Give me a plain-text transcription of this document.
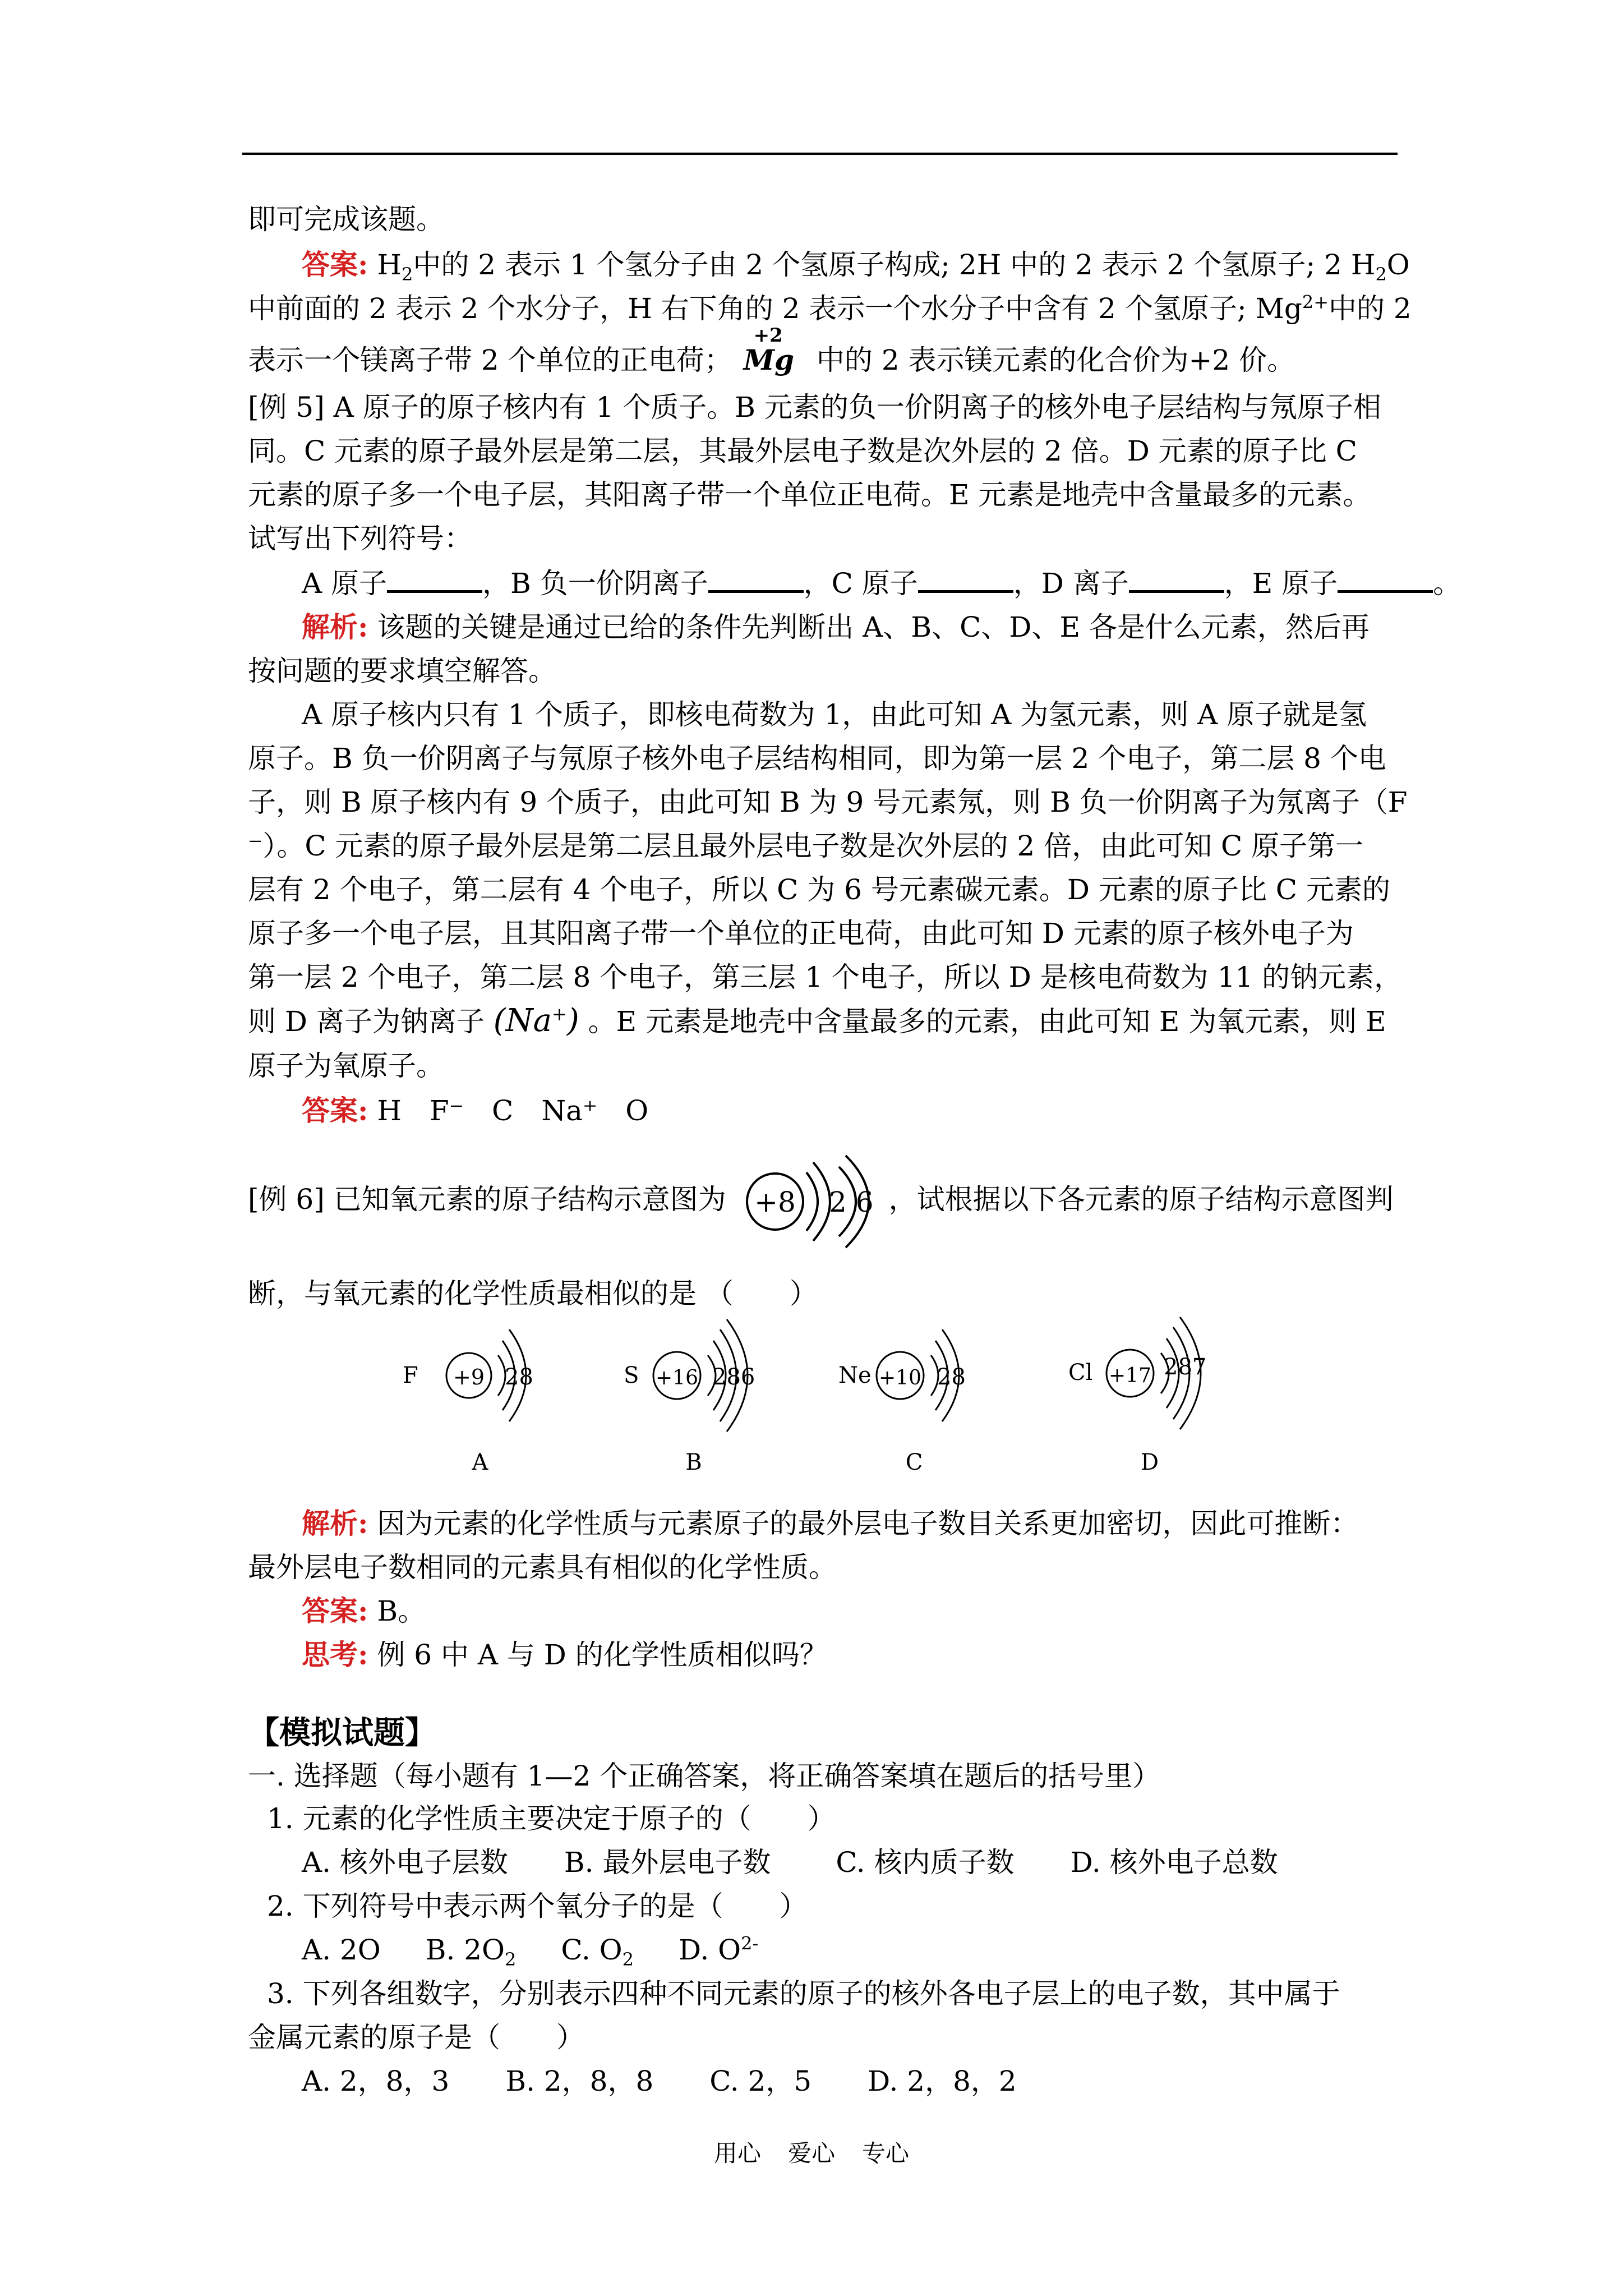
即可完成该题。
答案: $H_2$中的 2 表示 1 个氢分子由 2 个氢原子构成; 2H 中的 2 表示 2 个氢原子; 2 $H_2O$
中前面的 2 表示 2 个水分子，H 右下角的 2 表示一个水分子中含有 2 个氢原子; $Mg^{2+}$中的 2
表示一个镁离子带 2 个单位的正电荷；
+2
Mg 中的 2 表示镁元素的化合价为+2 价。
[例 5] A 原子的原子核内有 1 个质子。B 元素的负一价阴离子的核外电子层结构与氖原子相
同。C 元素的原子最外层是第二层，其最外层电子数是次外层的 2 倍。D 元素的原子比 C
元素的原子多一个电子层，其阳离子带一个单位正电荷。E 元素是地壳中含量最多的元素。
试写出下列符号：
A 原子	，B 负一价阴离子	，C 原子	，D 离子	，E 原子	。
解析: 该题的关键是通过已给的条件先判断出 A、B、C、D、E 各是什么元素，然后再
按问题的要求填空解答。
A 原子核内只有 1 个质子，即核电荷数为 1，由此可知 A 为氢元素，则 A 原子就是氢
原子。B 负一价阴离子与氖原子核外电子层结构相同，即为第一层 2 个电子，第二层 8 个电
子，则 B 原子核内有 9 个质子，由此可知 B 为 9 号元素氖，则 B 负一价阴离子为氖离子（F
⁻）。C 元素的原子最外层是第二层且最外层电子数是次外层的 2 倍，由此可知 C 原子第一
层有 2 个电子，第二层有 4 个电子，所以 C 为 6 号元素碳元素。D 元素的原子比 C 元素的
原子多一个电子层，且其阳离子带一个单位的正电荷，由此可知 D 元素的原子核外电子为
第一层 2 个电子，第二层 8 个电子，第三层 1 个电子，所以 D 是核电荷数为 11 的钠元素，
则 D 离子为钠离子 (Na+) 。E 元素是地壳中含量最多的元素，由此可知 E 为氧元素，则 E
原子为氧原子。
答案: H　F⁻　C　Na⁺　O
[例 6] 已知氧元素的原子结构示意图为	，试根据以下各元素的原子结构示意图判
+8 2 6
断，与氧元素的化学性质最相似的是 （　　）
F +9 28
A
S +16 286
B
Ne +10 28
C
Cl +17 287
D
解析: 因为元素的化学性质与元素原子的最外层电子数目关系更加密切，因此可推断：
最外层电子数相同的元素具有相似的化学性质。
答案: B。
思考: 例 6 中 A 与 D 的化学性质相似吗？
【模拟试题】
一. 选择题（每小题有 1—2 个正确答案，将正确答案填在题后的括号里）
1. 元素的化学性质主要决定于原子的（　　）
A. 核外电子层数　　B. 最外层电子数　　 C. 核内质子数　　D. 核外电子总数
2. 下列符号中表示两个氧分子的是（　　）
A. 2O B. $2O_2$ C. $O_2$ D. $O^{2-}$
3. 下列各组数字，分别表示四种不同元素的原子的核外各电子层上的电子数，其中属于
金属元素的原子是（　　）
A. 2，8，3　　B. 2，8，8　　C. 2，5　　D. 2，8，2
用心 爱心 专心
